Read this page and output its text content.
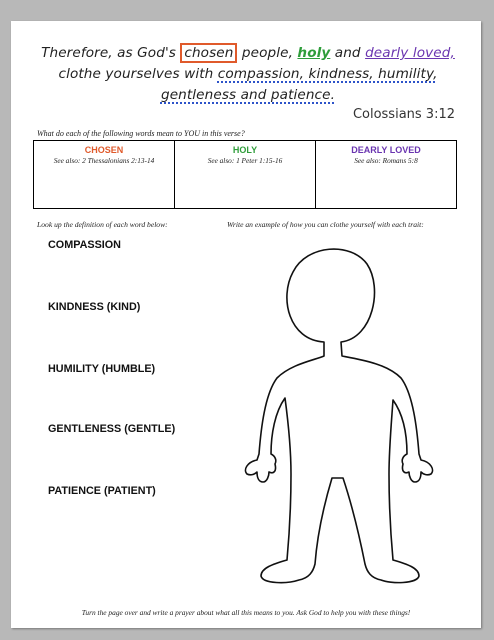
Therefore, as God's chosen people, holy and dearly loved,
clothe yourselves with compassion, kindness, humility,
gentleness and patience.
Colossians 3:12
What do each of the following words mean to YOU in this verse?
CHOSEN
See also: 2 Thessalonians 2:13-14
HOLY
See also: 1 Peter 1:15-16
DEARLY LOVED
See also: Romans 5:8
Look up the definition of each word below:	Write an example of how you can clothe yourself with each trait:
COMPASSION
KINDNESS (KIND)
HUMILITY (HUMBLE)
GENTLENESS (GENTLE)
PATIENCE (PATIENT)
Turn the page over and write a prayer about what all this means to you. Ask God to help you with these things!
